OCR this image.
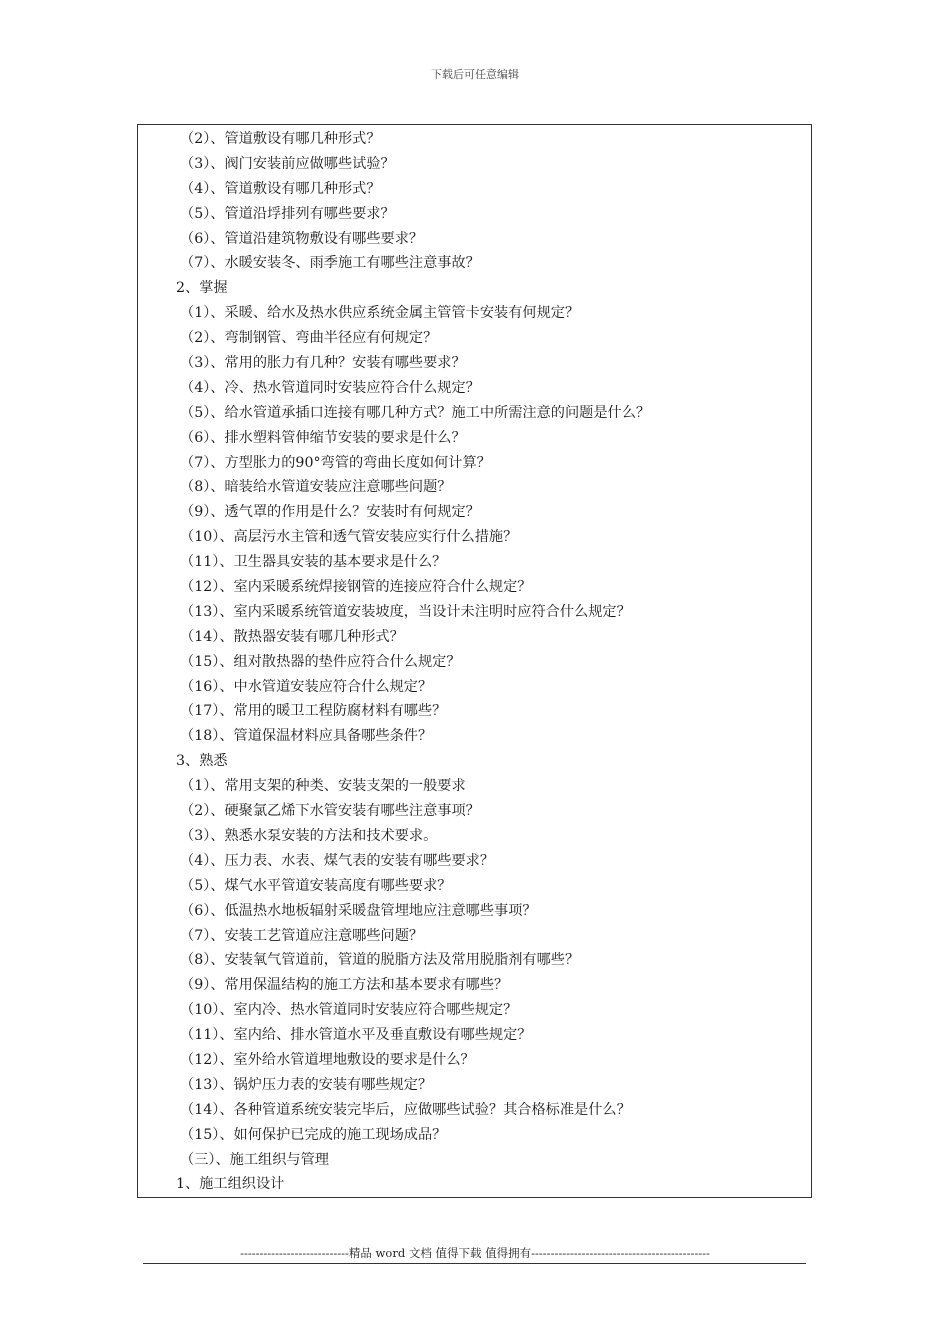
下载后可任意编辑
（2）、管道敷设有哪几种形式？
（3）、阀门安装前应做哪些试验？
（4）、管道敷设有哪几种形式？
（5）、管道沿垺排列有哪些要求？
（6）、管道沿建筑物敷设有哪些要求？
（7）、水暖安装冬、雨季施工有哪些注意事故？
2、掌握
（1）、采暖、给水及热水供应系统金属主管管卡安装有何规定？
（2）、弯制钢管、弯曲半径应有何规定？
（3）、常用的胀力有几种？安装有哪些要求？
（4）、冷、热水管道同时安装应符合什么规定？
（5）、给水管道承插口连接有哪几种方式？施工中所需注意的问题是什么？
（6）、排水塑料管伸缩节安装的要求是什么？
（7）、方型胀力的90°弯管的弯曲长度如何计算？
（8）、暗装给水管道安装应注意哪些问题？
（9）、透气罩的作用是什么？安装时有何规定？
（10）、高层污水主管和透气管安装应实行什么措施？
（11）、卫生器具安装的基本要求是什么？
（12）、室内采暖系统焊接钢管的连接应符合什么规定？
（13）、室内采暖系统管道安装坡度，当设计未注明时应符合什么规定？
（14）、散热器安装有哪几种形式？
（15）、组对散热器的垫件应符合什么规定？
（16）、中水管道安装应符合什么规定？
（17）、常用的暖卫工程防腐材料有哪些？
（18）、管道保温材料应具备哪些条件？
3、熟悉
（1）、常用支架的种类、安装支架的一般要求
（2）、硬聚氯乙烯下水管安装有哪些注意事项？
（3）、熟悉水泵安装的方法和技术要求。
（4）、压力表、水表、煤气表的安装有哪些要求？
（5）、煤气水平管道安装高度有哪些要求？
（6）、低温热水地板辐射采暖盘管埋地应注意哪些事项？
（7）、安装工艺管道应注意哪些问题？
（8）、安装氧气管道前，管道的脱脂方法及常用脱脂剂有哪些？
（9）、常用保温结构的施工方法和基本要求有哪些？
（10）、室内冷、热水管道同时安装应符合哪些规定？
（11）、室内给、排水管道水平及垂直敷设有哪些规定？
（12）、室外给水管道埋地敷设的要求是什么？
（13）、锅炉压力表的安装有哪些规定？
（14）、各种管道系统安装完毕后，应做哪些试验？其合格标准是什么？
（15）、如何保护已完成的施工现场成品？
（三）、施工组织与管理
1、施工组织设计
----------------------------精品 word 文档 值得下载 值得拥有----------------------------------------------
